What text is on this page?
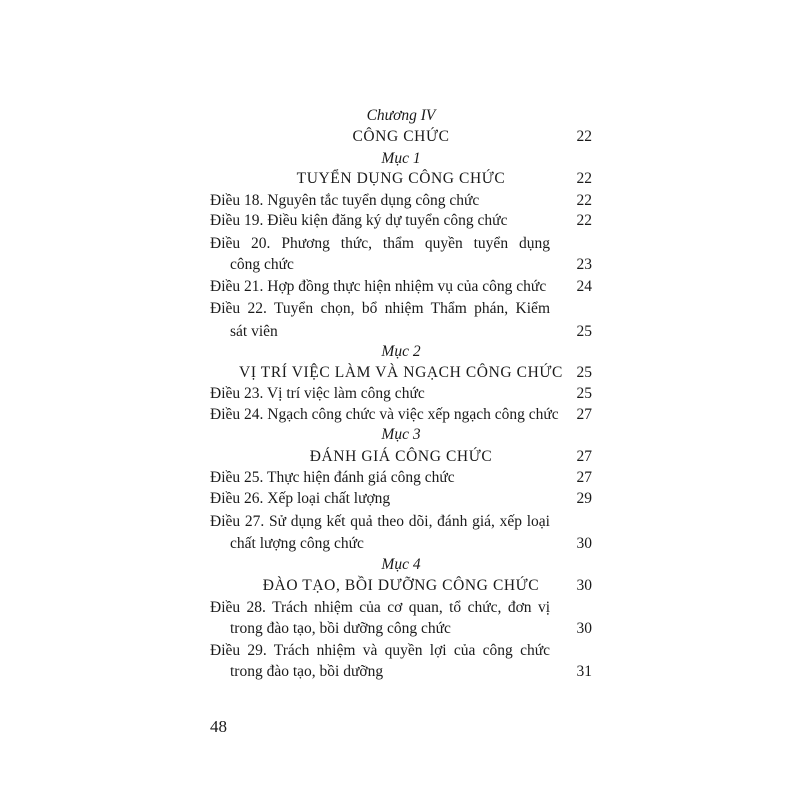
Chương IV
CÔNG CHỨC	22
Mục 1
TUYỂN DỤNG CÔNG CHỨC	22
Điều 18. Nguyên tắc tuyển dụng công chức	22
Điều 19. Điều kiện đăng ký dự tuyển công chức	22
Điều 20. Phương thức, thẩm quyền tuyển dụng
công chức	23
Điều 21. Hợp đồng thực hiện nhiệm vụ của công chức 24
Điều 22. Tuyển chọn, bổ nhiệm Thẩm phán, Kiểm
sát viên	25
Mục 2
VỊ TRÍ VIỆC LÀM VÀ NGẠCH CÔNG CHỨC 25
Điều 23. Vị trí việc làm công chức	25
Điều 24. Ngạch công chức và việc xếp ngạch công chức 27
Mục 3
ĐÁNH GIÁ CÔNG CHỨC	27
Điều 25. Thực hiện đánh giá công chức	27
Điều 26. Xếp loại chất lượng	29
Điều 27. Sử dụng kết quả theo dõi, đánh giá, xếp loại
chất lượng công chức	30
Mục 4
ĐÀO TẠO, BỒI DƯỠNG CÔNG CHỨC	30
Điều 28. Trách nhiệm của cơ quan, tổ chức, đơn vị
trong đào tạo, bồi dưỡng công chức	30
Điều 29. Trách nhiệm và quyền lợi của công chức
trong đào tạo, bồi dưỡng	31
48
